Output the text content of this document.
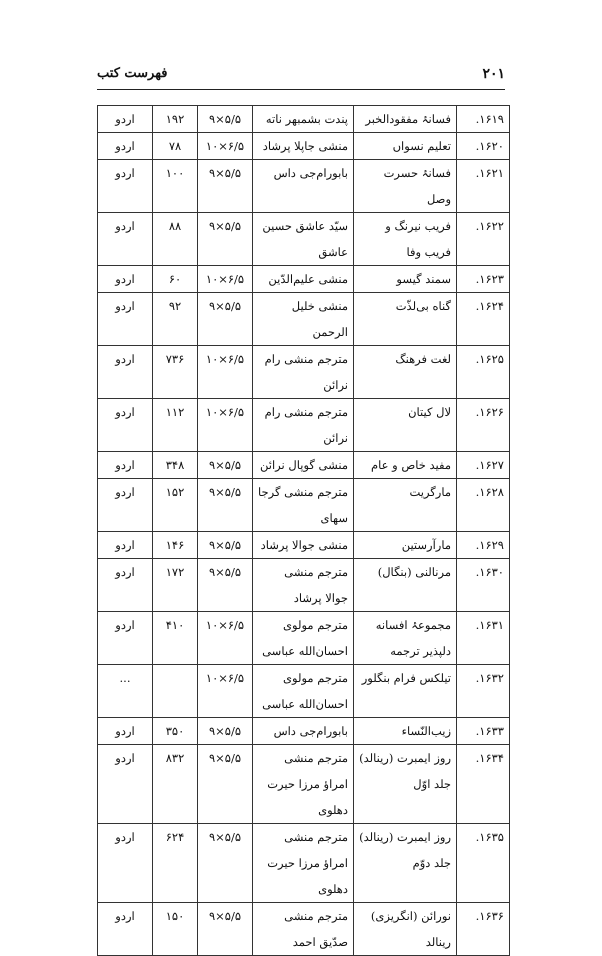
۲۰۱
فهرست کتب
۱۶۱۹.	فسانۂ مفقودالخبر	پندت بشمبهر ناته	۹×۵/۵	۱۹۲	اردو
۱۶۲۰.	تعلیم نسواں	منشی جاپلا پرشاد	۱۰×۶/۵	۷۸	اردو
۱۶۲۱.	فسانۂ حسرت وصل	بابورام‌جی داس	۹×۵/۵	۱۰۰	اردو
۱۶۲۲.	فریب نیرنگ و فریب وفا	سیّد عاشق حسین عاشق	۹×۵/۵	۸۸	اردو
۱۶۲۳.	سمند گیسو	منشی علیم‌الدّین	۱۰×۶/۵	۶۰	اردو
۱۶۲۴.	گناه بی‌لذّت	منشی خلیل الرحمن	۹×۵/۵	۹۲	اردو
۱۶۲۵.	لغت فرهنگ	مترجم منشی رام نرائن	۱۰×۶/۵	۷۳۶	اردو
۱۶۲۶.	لال کیتان	مترجم منشی رام نرائن	۱۰×۶/۵	۱۱۲	اردو
۱۶۲۷.	مفید خاص و عام	منشی گوپال نرائن	۹×۵/۵	۳۴۸	اردو
۱۶۲۸.	مارگریت	مترجم منشی گرجا سهای	۹×۵/۵	۱۵۲	اردو
۱۶۲۹.	مارآرستین	منشی جوالا پرشاد	۹×۵/۵	۱۴۶	اردو
۱۶۳۰.	مرنالنی (بنگال)	مترجم منشی جوالا پرشاد	۹×۵/۵	۱۷۲	اردو
۱۶۳۱.	مجموعۂ افسانه دلپذیر ترجمه	مترجم مولوی احسان‌الله عباسی	۱۰×۶/۵	۴۱۰	اردو
۱۶۳۲.	تیلکس فرام بنگلور	مترجم مولوی احسان‌الله عباسی	۱۰×۶/۵		...
۱۶۳۳.	زیب‌النّساء	بابورام‌جی داس	۹×۵/۵	۳۵۰	اردو
۱۶۳۴.	روز ایمبرت (رینالد) جلد اوّل	مترجم منشی امراؤ مرزا حیرت دهلوی	۹×۵/۵	۸۳۲	اردو
۱۶۳۵.	روز ایمبرت (رینالد) جلد دوّم	مترجم منشی امراؤ مرزا حیرت دهلوی	۹×۵/۵	۶۲۴	اردو
۱۶۳۶.	نورائن (انگریزی) رینالد	مترجم منشی صدّیق احمد	۹×۵/۵	۱۵۰	اردو
